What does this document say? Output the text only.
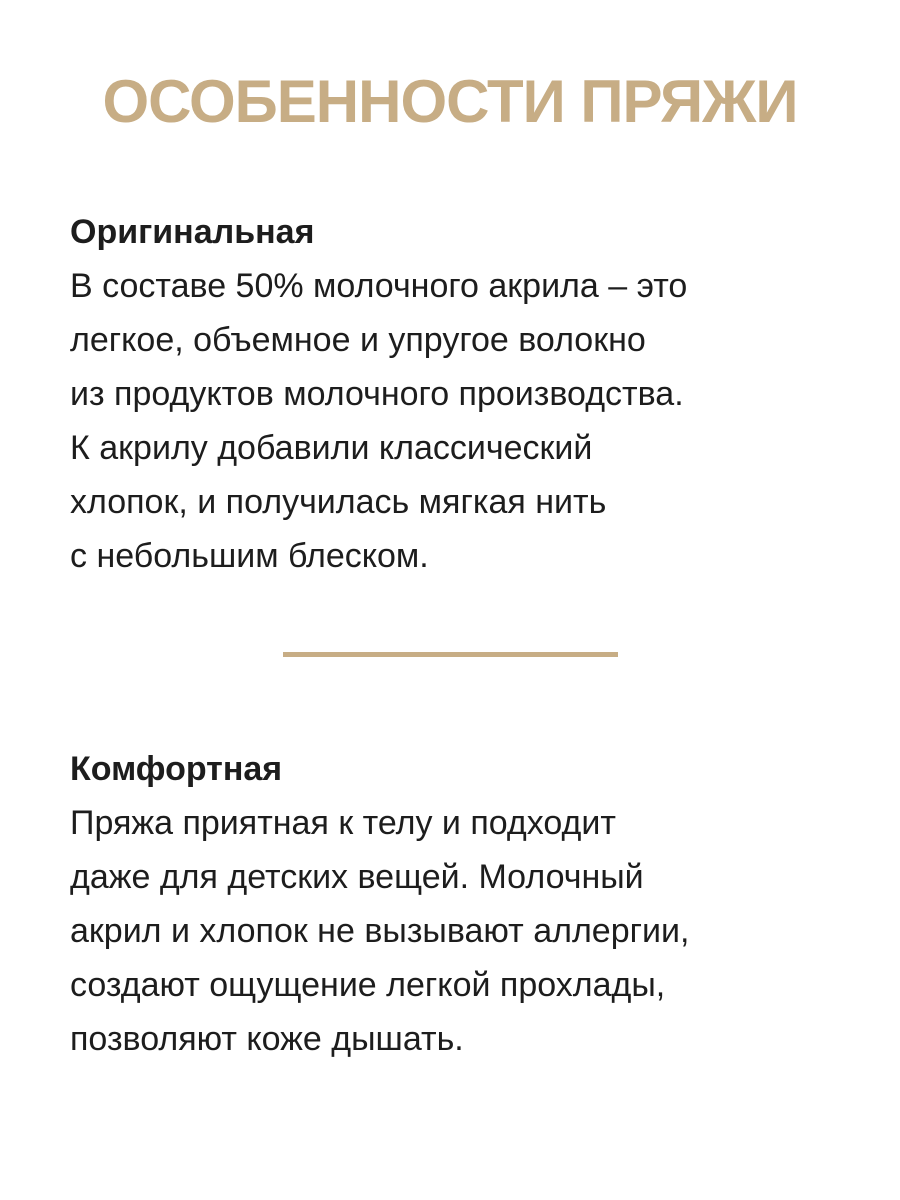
ОСОБЕННОСТИ ПРЯЖИ
Оригинальная
В составе 50% молочного акрила – это
легкое, объемное и упругое волокно
из продуктов молочного производства.
К акрилу добавили классический
хлопок, и получилась мягкая нить
с небольшим блеском.
Комфортная
Пряжа приятная к телу и подходит
даже для детских вещей. Молочный
акрил и хлопок не вызывают аллергии,
создают ощущение легкой прохлады,
позволяют коже дышать.
